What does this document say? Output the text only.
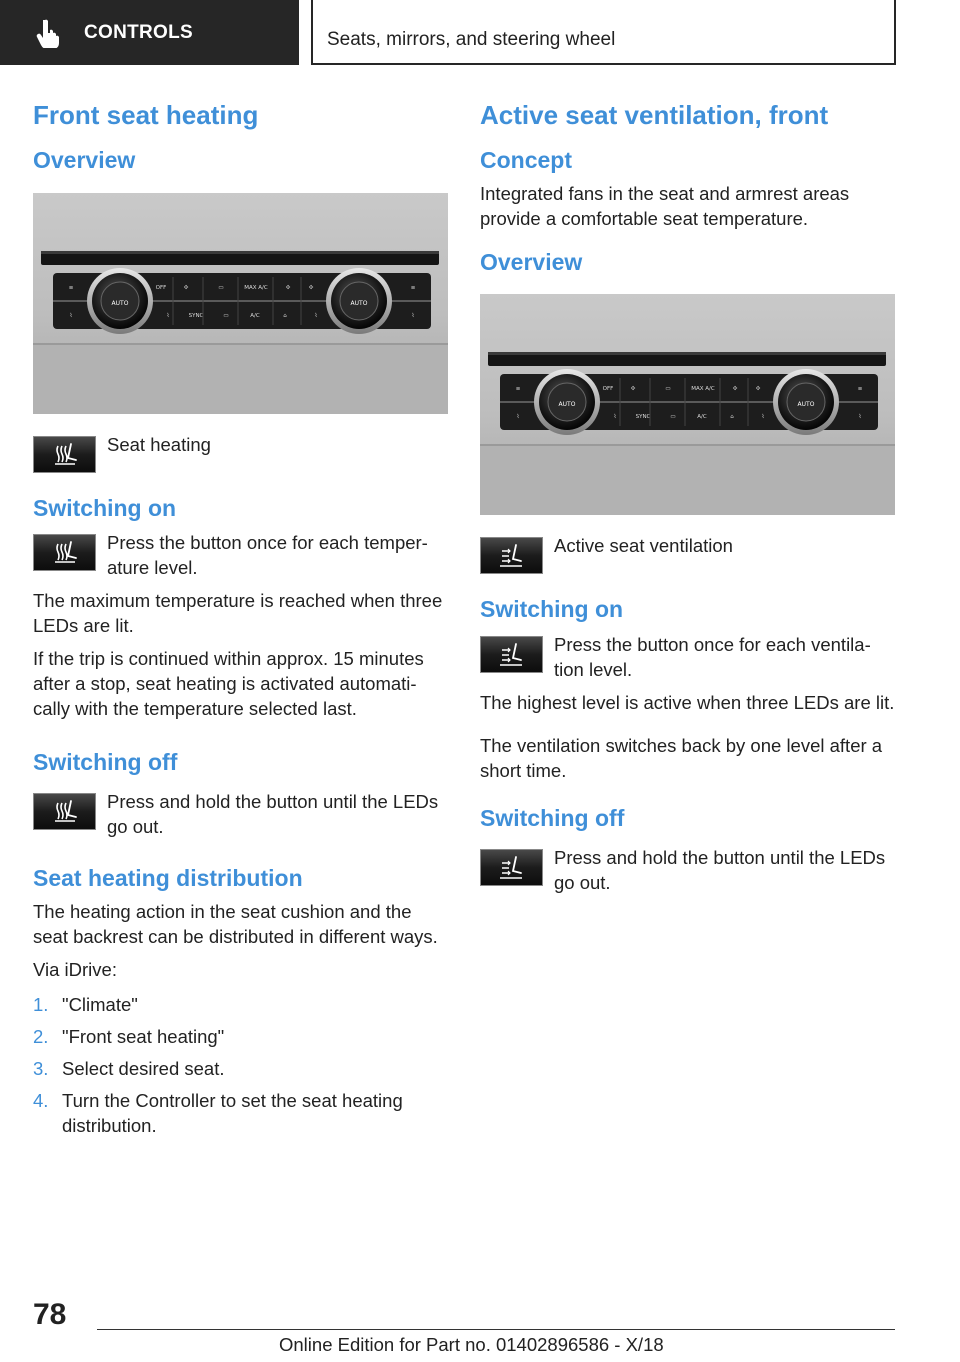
CONTROLS	Seats, mirrors, and steering wheel
Front seat heating
Overview
Seat heating
Switching on
Press the button once for each temper‐ature level.

The maximum temperature is reached when three LEDs are lit.

If the trip is continued within approx. 15 minutes after a stop, seat heating is activated automati‐cally with the temperature selected last.

Switching off
Press and hold the button until the LEDs go out.
Seat heating distribution

The heating action in the seat cushion and the seat backrest can be distributed in different ways.

Via iDrive:

1. "Climate"
2. "Front seat heating"
3. Select desired seat.
4. Turn the Controller to set the seat heating distribution.
Active seat ventilation, front
Concept

Integrated fans in the seat and armrest areas provide a comfortable seat temperature.

Overview
Active seat ventilation
Switching on
Press the button once for each ventila‐tion level.

The highest level is active when three LEDs are lit.

The ventilation switches back by one level after a short time.

Switching off
Press and hold the button until the LEDs go out.
78
Online Edition for Part no. 01402896586 - X/18
